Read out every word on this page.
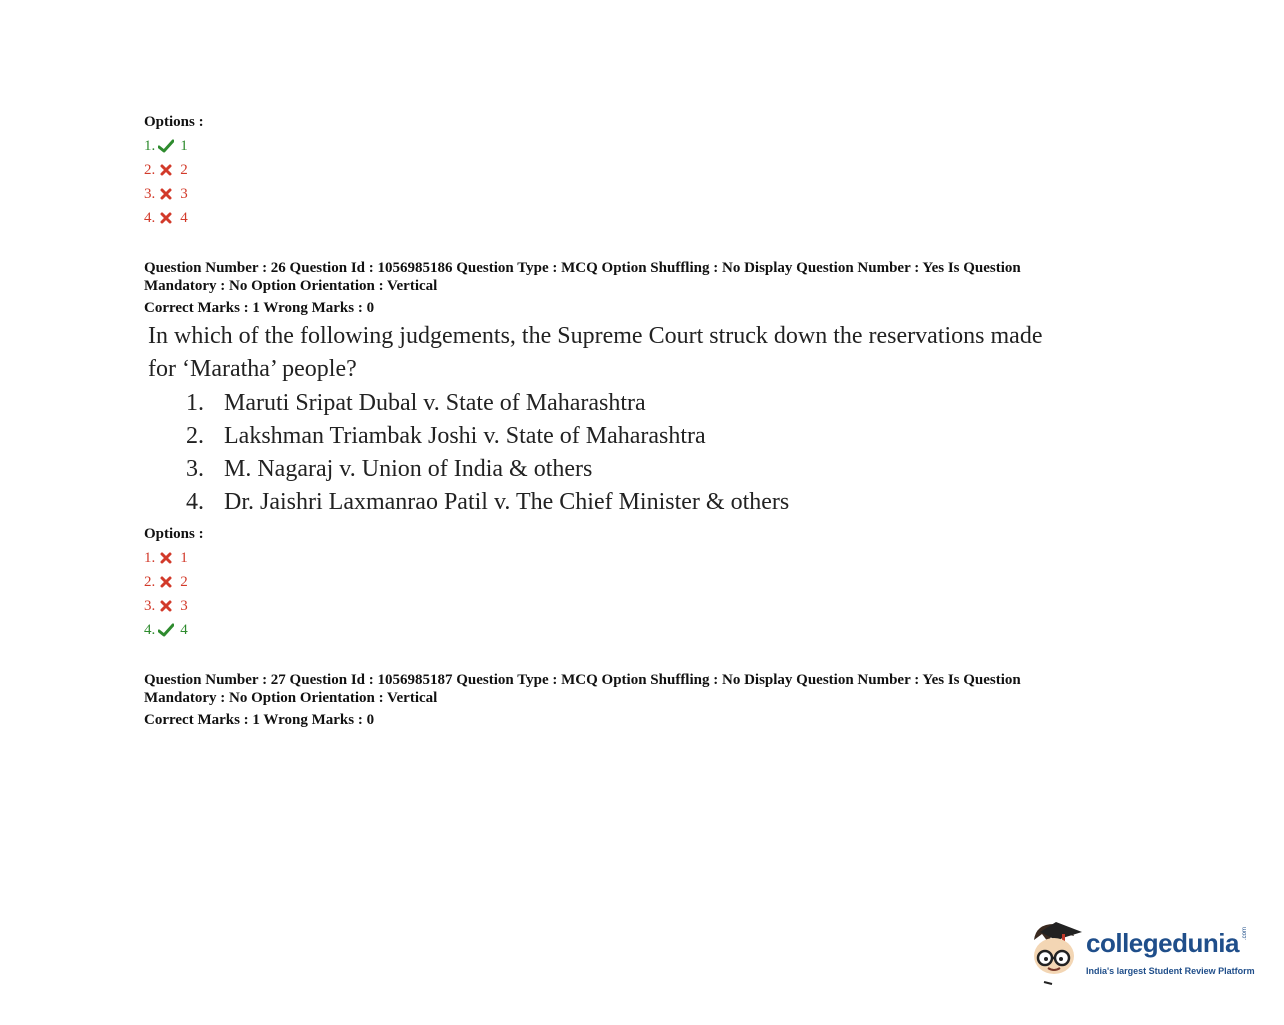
Options :
1. 1
2. 2
3. 3
4. 4
Question Number : 26 Question Id : 1056985186 Question Type : MCQ Option Shuffling : No Display Question Number : Yes Is Question
Mandatory : No Option Orientation : Vertical
Correct Marks : 1 Wrong Marks : 0
In which of the following judgements, the Supreme Court struck down the reservations made
for ‘Maratha’ people?
1. Maruti Sripat Dubal v. State of Maharashtra
2. Lakshman Triambak Joshi v. State of Maharashtra
3. M. Nagaraj v. Union of India & others
4. Dr. Jaishri Laxmanrao Patil v. The Chief Minister & others
Options :
1. 1
2. 2
3. 3
4. 4
Question Number : 27 Question Id : 1056985187 Question Type : MCQ Option Shuffling : No Display Question Number : Yes Is Question
Mandatory : No Option Orientation : Vertical
Correct Marks : 1 Wrong Marks : 0
collegedunia .com
India's largest Student Review Platform
